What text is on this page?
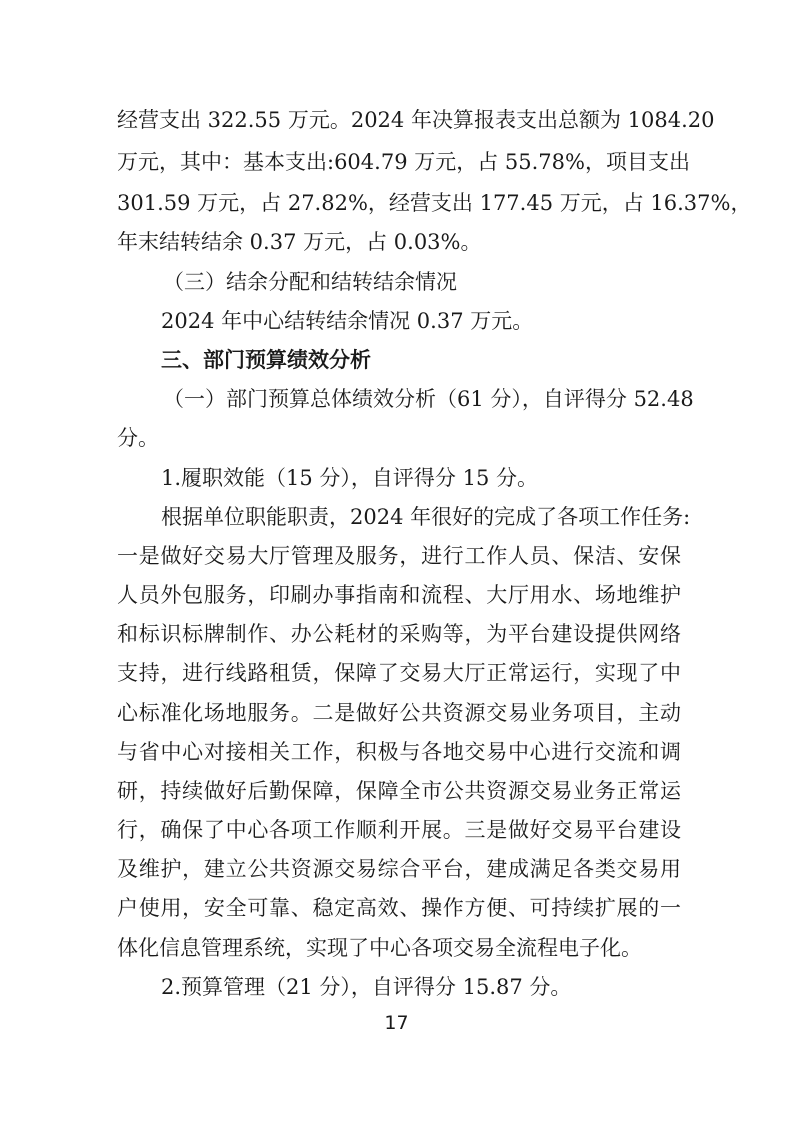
经营支出 322.55 万元。2024 年决算报表支出总额为 1084.20
万元，其中：基本支出:604.79 万元，占 55.78%，项目支出
301.59 万元，占 27.82%，经营支出 177.45 万元，占 16.37%，
年末结转结余 0.37 万元，占 0.03%。
（三）结余分配和结转结余情况
2024 年中心结转结余情况 0.37 万元。
三、部门预算绩效分析
（一）部门预算总体绩效分析（61 分），自评得分 52.48
分。
1.履职效能（15 分），自评得分 15 分。
根据单位职能职责，2024 年很好的完成了各项工作任务:
一是做好交易大厅管理及服务，进行工作人员、保洁、安保
人员外包服务，印刷办事指南和流程、大厅用水、场地维护
和标识标牌制作、办公耗材的采购等，为平台建设提供网络
支持，进行线路租赁，保障了交易大厅正常运行，实现了中
心标准化场地服务。二是做好公共资源交易业务项目，主动
与省中心对接相关工作，积极与各地交易中心进行交流和调
研，持续做好后勤保障，保障全市公共资源交易业务正常运
行，确保了中心各项工作顺利开展。三是做好交易平台建设
及维护，建立公共资源交易综合平台，建成满足各类交易用
户使用，安全可靠、稳定高效、操作方便、可持续扩展的一
体化信息管理系统，实现了中心各项交易全流程电子化。
2.预算管理（21 分），自评得分 15.87 分。
17
